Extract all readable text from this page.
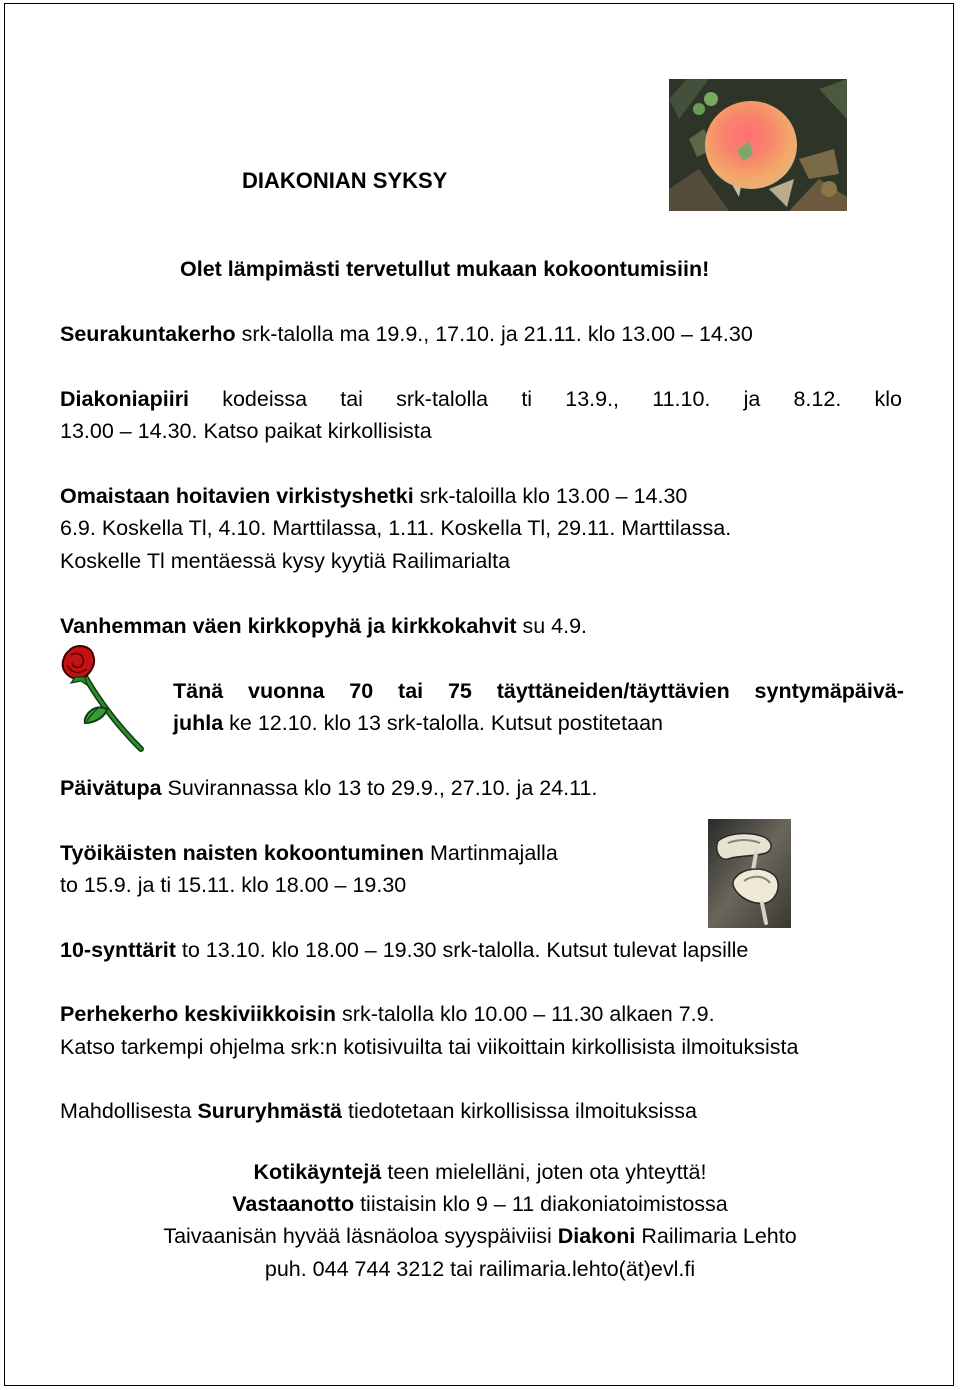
DIAKONIAN SYKSY
Olet lämpimästi tervetullut mukaan kokoontumisiin!
Seurakuntakerho srk-talolla ma 19.9., 17.10. ja 21.11. klo 13.00 – 14.30
Diakoniapiiri kodeissa tai srk-talolla ti 13.9., 11.10. ja 8.12. klo
13.00 – 14.30. Katso paikat kirkollisista
Omaistaan hoitavien virkistyshetki srk-taloilla klo 13.00 – 14.30
6.9. Koskella Tl, 4.10. Marttilassa, 1.11. Koskella Tl, 29.11. Marttilassa.
Koskelle Tl mentäessä kysy kyytiä Railimarialta
Vanhemman väen kirkkopyhä ja kirkkokahvit su 4.9.
Tänä vuonna 70 tai 75 täyttäneiden/täyttävien syntymäpäivä-
juhla ke 12.10. klo 13 srk-talolla. Kutsut postitetaan
Päivätupa Suvirannassa klo 13 to 29.9., 27.10. ja 24.11.
Työikäisten naisten kokoontuminen Martinmajalla
to 15.9. ja ti 15.11. klo 18.00 – 19.30
10-synttärit to 13.10. klo 18.00 – 19.30 srk-talolla. Kutsut tulevat lapsille
Perhekerho keskiviikkoisin srk-talolla klo 10.00 – 11.30 alkaen 7.9.
Katso tarkempi ohjelma srk:n kotisivuilta tai viikoittain kirkollisista ilmoituksista
Mahdollisesta Sururyhmästä tiedotetaan kirkollisissa ilmoituksissa
Kotikäyntejä teen mielelläni, joten ota yhteyttä!
Vastaanotto tiistaisin klo 9 – 11 diakoniatoimistossa
Taivaanisän hyvää läsnäoloa syyspäiviisi Diakoni Railimaria Lehto
puh. 044 744 3212 tai railimaria.lehto(ät)evl.fi
